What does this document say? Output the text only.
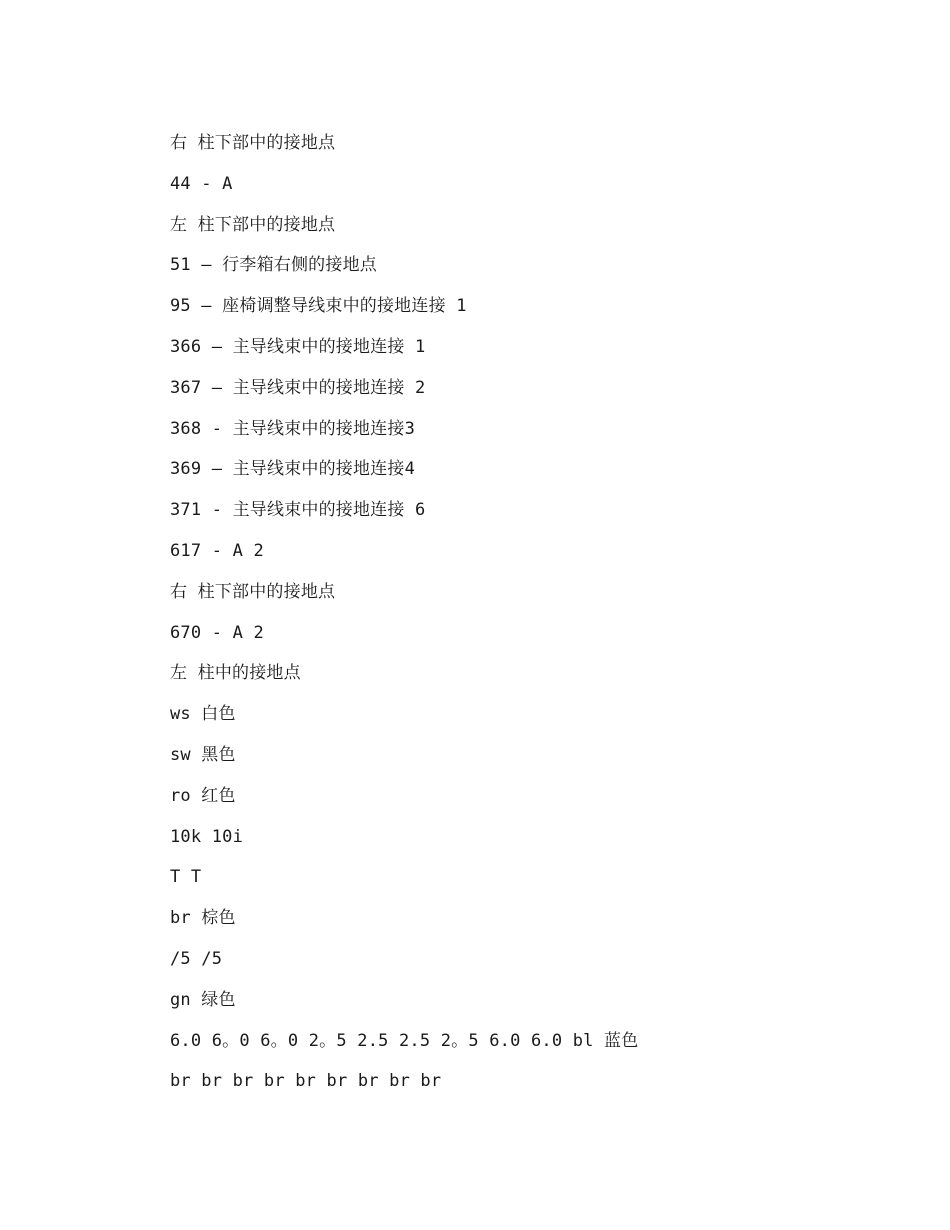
右 柱下部中的接地点
44 - A
左 柱下部中的接地点
51 — 行李箱右侧的接地点
95 — 座椅调整导线束中的接地连接 1
366 — 主导线束中的接地连接 1
367 — 主导线束中的接地连接 2
368 - 主导线束中的接地连接3
369 — 主导线束中的接地连接4
371 - 主导线束中的接地连接 6
617 - A 2
右 柱下部中的接地点
670 - A 2
左 柱中的接地点
ws 白色
sw 黑色
ro 红色
10k 10i
T T
br 棕色
/5 /5
gn 绿色
6.0 6。0 6。0 2。5 2.5 2.5 2。5 6.0 6.0 bl 蓝色
br br br br br br br br br
